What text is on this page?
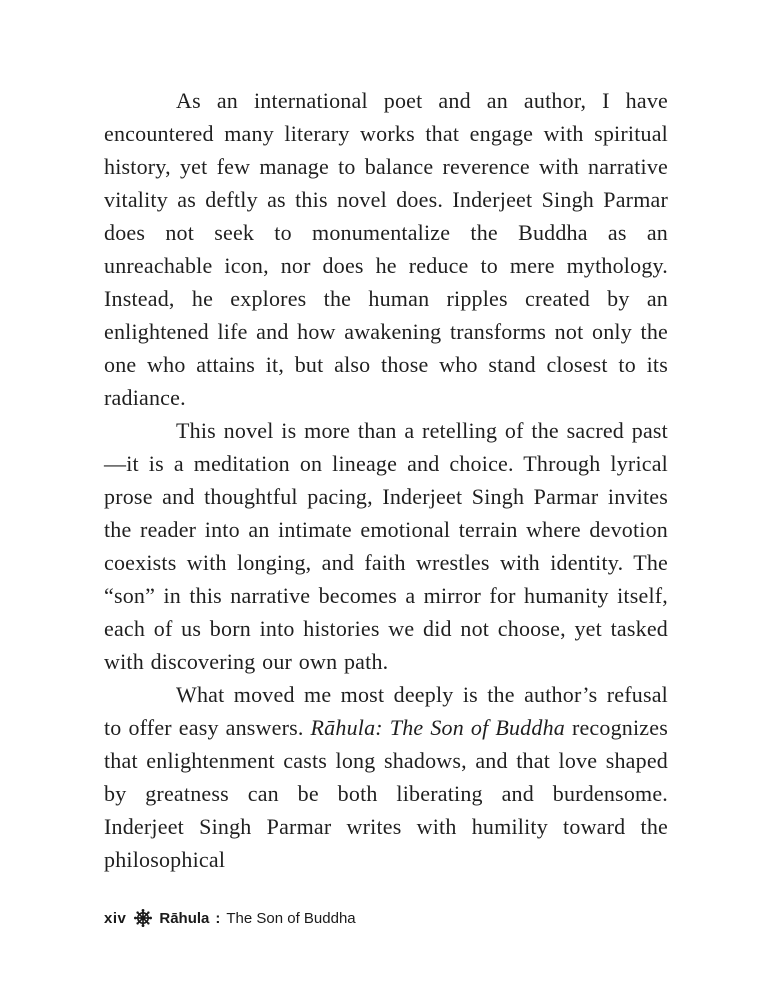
As an international poet and an author, I have encountered many literary works that engage with spiritual history, yet few manage to balance reverence with narrative vitality as deftly as this novel does. Inderjeet Singh Parmar does not seek to monumentalize the Buddha as an unreachable icon, nor does he reduce to mere mythology. Instead, he explores the human ripples created by an enlightened life and how awakening transforms not only the one who attains it, but also those who stand closest to its radiance.

This novel is more than a retelling of the sacred past—it is a meditation on lineage and choice. Through lyrical prose and thoughtful pacing, Inderjeet Singh Parmar invites the reader into an intimate emotional terrain where devotion coexists with longing, and faith wrestles with identity. The “son” in this narrative becomes a mirror for humanity itself, each of us born into histories we did not choose, yet tasked with discovering our own path.

What moved me most deeply is the author’s refusal to offer easy answers. Rāhula: The Son of Buddha recognizes that enlightenment casts long shadows, and that love shaped by greatness can be both liberating and burdensome. Inderjeet Singh Parmar writes with humility toward the philosophical

xiv Rāhula : The Son of Buddha
